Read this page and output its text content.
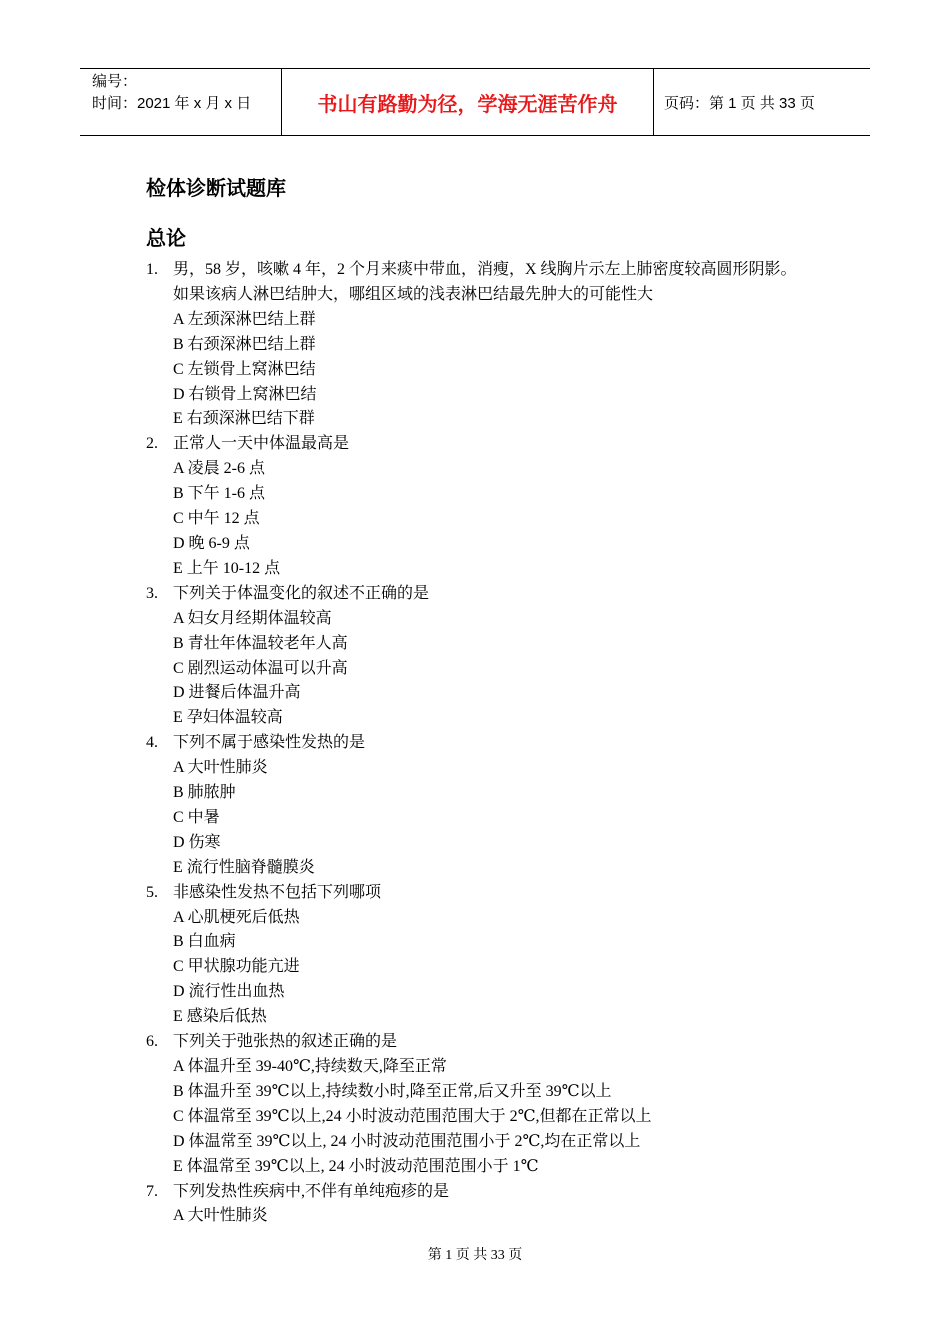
编号：
时间：2021 年 x 月 x 日	书山有路勤为径，学海无涯苦作舟	页码：第 1 页 共 33 页
检体诊断试题库
总论
1. 男，58 岁，咳嗽 4 年，2 个月来痰中带血，消瘦，X 线胸片示左上肺密度较高圆形阴影。
如果该病人淋巴结肿大，哪组区域的浅表淋巴结最先肿大的可能性大
A 左颈深淋巴结上群
B 右颈深淋巴结上群
C 左锁骨上窝淋巴结
D 右锁骨上窝淋巴结
E 右颈深淋巴结下群
2. 正常人一天中体温最高是
A 凌晨 2-6 点
B 下午 1-6 点
C 中午 12 点
D 晚 6-9 点
E 上午 10-12 点
3. 下列关于体温变化的叙述不正确的是
A 妇女月经期体温较高
B 青壮年体温较老年人高
C 剧烈运动体温可以升高
D 进餐后体温升高
E 孕妇体温较高
4. 下列不属于感染性发热的是
A 大叶性肺炎
B 肺脓肿
C 中暑
D 伤寒
E 流行性脑脊髓膜炎
5. 非感染性发热不包括下列哪项
A 心肌梗死后低热
B 白血病
C 甲状腺功能亢进
D 流行性出血热
E 感染后低热
6. 下列关于弛张热的叙述正确的是
A 体温升至 39-40℃,持续数天,降至正常
B 体温升至 39℃以上,持续数小时,降至正常,后又升至 39℃以上
C 体温常至 39℃以上,24 小时波动范围范围大于 2℃,但都在正常以上
D 体温常至 39℃以上, 24 小时波动范围范围小于 2℃,均在正常以上
E 体温常至 39℃以上, 24 小时波动范围范围小于 1℃
7. 下列发热性疾病中,不伴有单纯疱疹的是
A 大叶性肺炎
第 1 页 共 33 页
